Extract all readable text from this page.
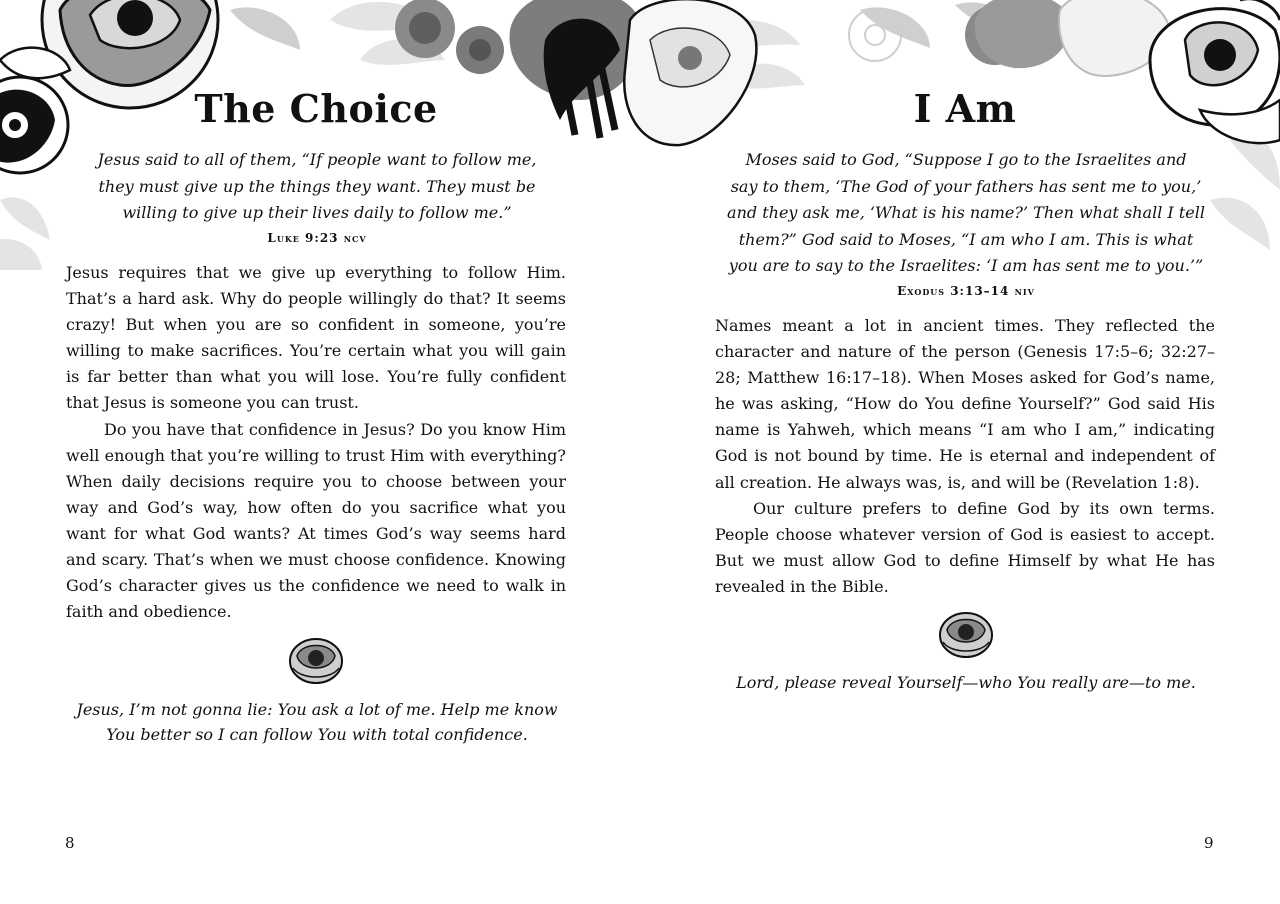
The Choice
Jesus said to all of them, “If people want to follow me,
they must give up the things they want. They must be
willing to give up their lives daily to follow me.”
Luke 9:23 ncv

Jesus requires that we give up everything to follow Him. That’s a hard ask. Why do people willingly do that? It seems crazy! But when you are so confident in someone, you’re willing to make sacrifices. You’re certain what you will gain is far better than what you will lose. You’re fully confident that Jesus is someone you can trust.

Do you have that confidence in Jesus? Do you know Him well enough that you’re willing to trust Him with everything? When daily decisions require you to choose between your way and God’s way, how often do you sacrifice what you want for what God wants? At times God’s way seems hard and scary. That’s when we must choose confidence. Knowing God’s character gives us the confidence we need to walk in faith and obedience.

Jesus, I’m not gonna lie: You ask a lot of me. Help me know
You better so I can follow You with total confidence.
8
I Am
Moses said to God, “Suppose I go to the Israelites and
say to them, ‘The God of your fathers has sent me to you,’
and they ask me, ‘What is his name?’ Then what shall I tell
them?” God said to Moses, “I am who I am. This is what
you are to say to the Israelites: ‘I am has sent me to you.’”
Exodus 3:13–14 niv

Names meant a lot in ancient times. They reflected the character and nature of the person (Genesis 17:5–6; 32:27–28; Matthew 16:17–18). When Moses asked for God’s name, he was asking, “How do You define Yourself?” God said His name is Yahweh, which means “I am who I am,” indicating God is not bound by time. He is eternal and independent of all creation. He always was, is, and will be (Revelation 1:8).

Our culture prefers to define God by its own terms. People choose whatever version of God is easiest to accept. But we must allow God to define Himself by what He has revealed in the Bible.

Lord, please reveal Yourself—who You really are—to me.
9
